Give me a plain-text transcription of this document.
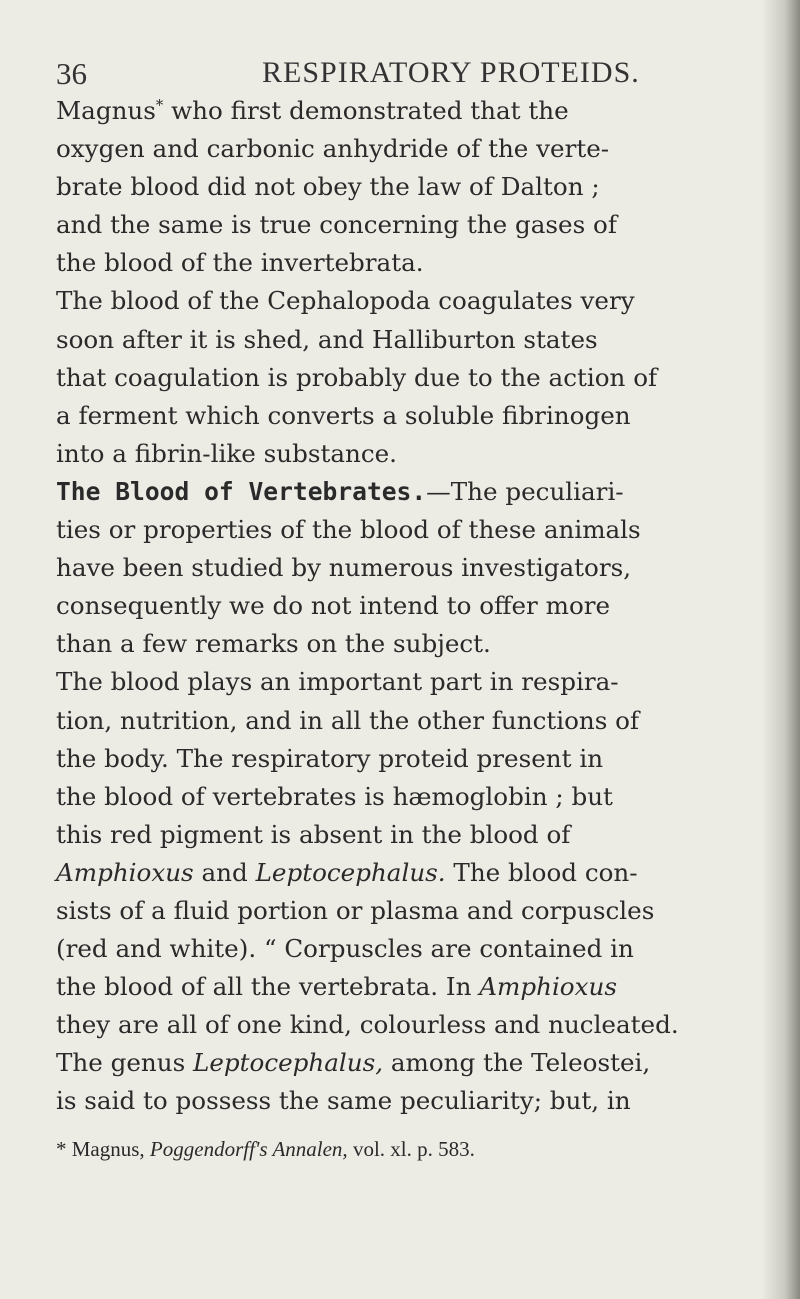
36	RESPIRATORY PROTEIDS.
Magnus* who first demonstrated that the
oxygen and carbonic anhydride of the verte-
brate blood did not obey the law of Dalton ;
and the same is true concerning the gases of
the blood of the invertebrata.
The blood of the Cephalopoda coagulates very
soon after it is shed, and Halliburton states
that coagulation is probably due to the action of
a ferment which converts a soluble fibrinogen
into a fibrin-like substance.
The Blood of Vertebrates.—The peculiari-
ties or properties of the blood of these animals
have been studied by numerous investigators,
consequently we do not intend to offer more
than a few remarks on the subject.
The blood plays an important part in respira-
tion, nutrition, and in all the other functions of
the body. The respiratory proteid present in
the blood of vertebrates is hæmoglobin ; but
this red pigment is absent in the blood of
Amphioxus and Leptocephalus. The blood con-
sists of a fluid portion or plasma and corpuscles
(red and white). “ Corpuscles are contained in
the blood of all the vertebrata. In Amphioxus
they are all of one kind, colourless and nucleated.
The genus Leptocephalus, among the Teleostei,
is said to possess the same peculiarity; but, in
* Magnus, Poggendorff's Annalen, vol. xl. p. 583.
